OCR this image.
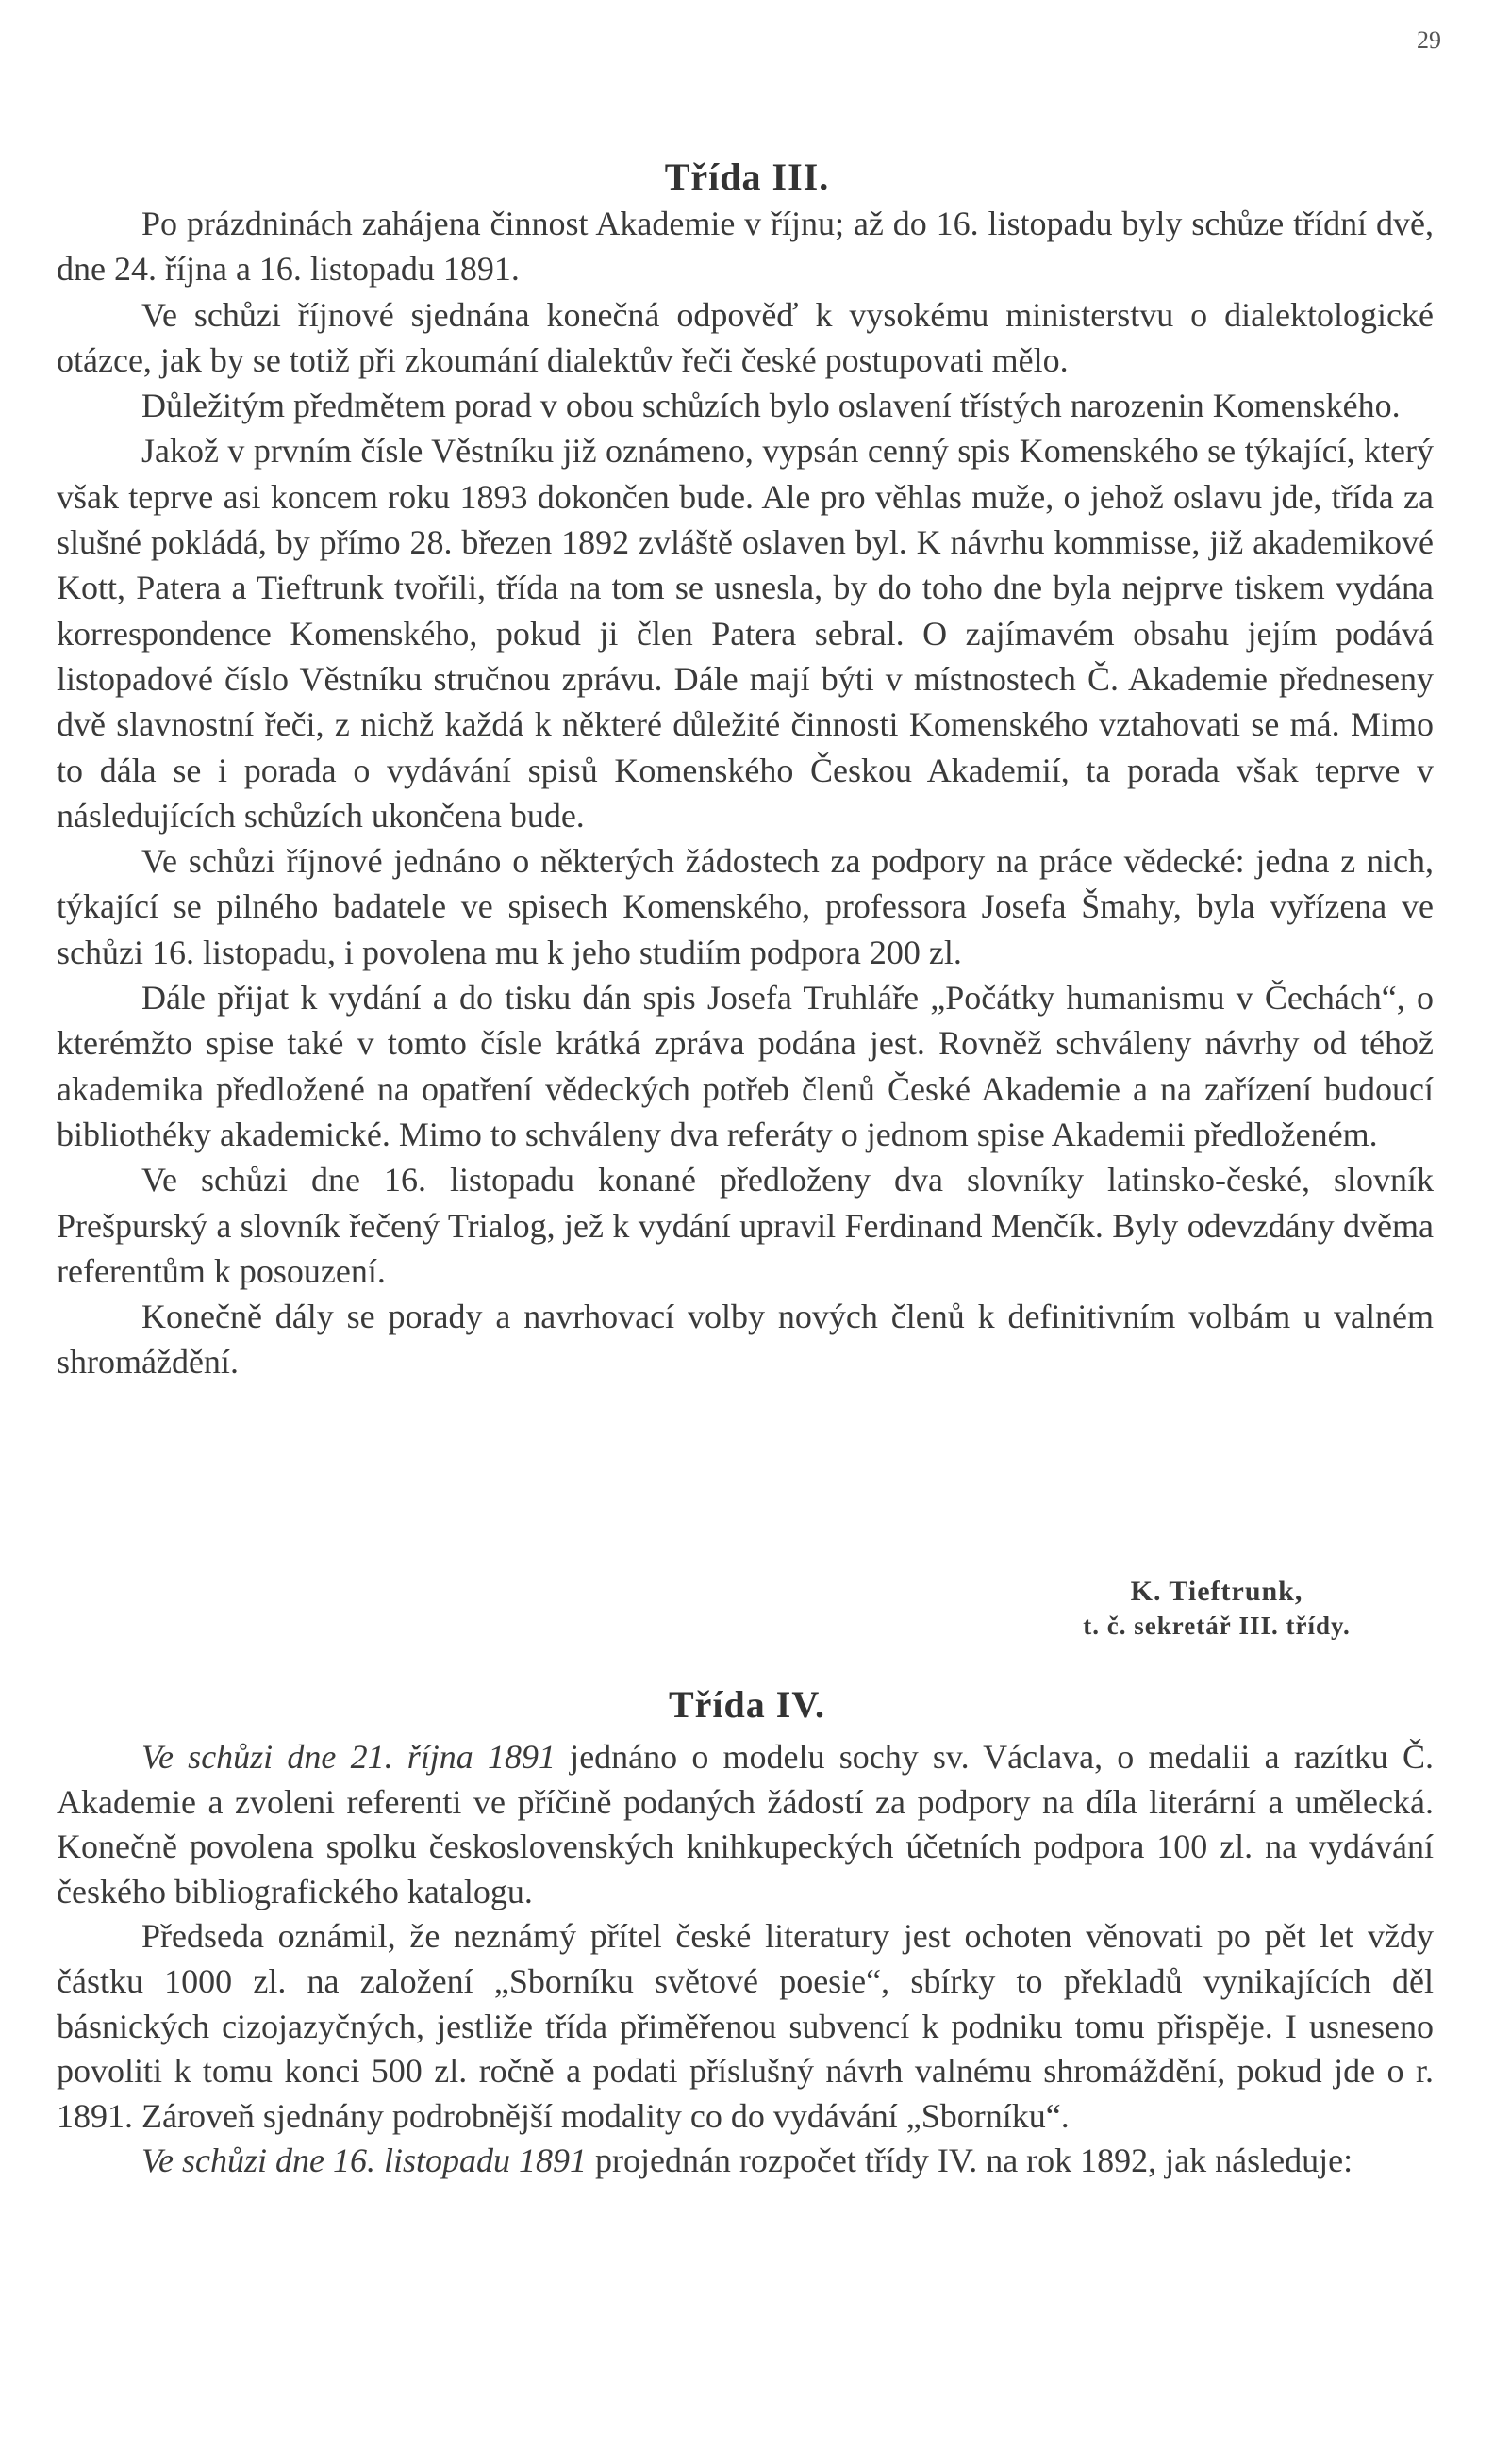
29
Třída III.

Po prázdninách zahájena činnost Akademie v říjnu; až do 16. listopadu byly schůze třídní dvě, dne 24. října a 16. listopadu 1891.

Ve schůzi říjnové sjednána konečná odpověď k vysokému ministerstvu o dialektologické otázce, jak by se totiž při zkoumání dialektův řeči české postupovati mělo.

Důležitým předmětem porad v obou schůzích bylo oslavení třístých narozenin Komenského.

Jakož v prvním čísle Věstníku již oznámeno, vypsán cenný spis Komenského se týkající, který však teprve asi koncem roku 1893 dokončen bude. Ale pro věhlas muže, o jehož oslavu jde, třída za slušné pokládá, by přímo 28. březen 1892 zvláště oslaven byl. K návrhu kommisse, již akademikové Kott, Patera a Tieftrunk tvořili, třída na tom se usnesla, by do toho dne byla nejprve tiskem vydána korrespondence Komenského, pokud ji člen Patera sebral. O zajímavém obsahu jejím podává listopadové číslo Věstníku stručnou zprávu. Dále mají býti v místnostech Č. Akademie předneseny dvě slavnostní řeči, z nichž každá k některé důležité činnosti Komenského vztahovati se má. Mimo to dála se i porada o vydávání spisů Komenského Českou Akademií, ta porada však teprve v následujících schůzích ukončena bude.

Ve schůzi říjnové jednáno o některých žádostech za podpory na práce vědecké: jedna z nich, týkající se pilného badatele ve spisech Komenského, professora Josefa Šmahy, byla vyřízena ve schůzi 16. listopadu, i povolena mu k jeho studiím podpora 200 zl.

Dále přijat k vydání a do tisku dán spis Josefa Truhláře „Počátky humanismu v Čechách“, o kterémžto spise také v tomto čísle krátká zpráva podána jest. Rovněž schváleny návrhy od téhož akademika předložené na opatření vědeckých potřeb členů České Akademie a na zařízení budoucí bibliothéky akademické. Mimo to schváleny dva referáty o jednom spise Akademii předloženém.

Ve schůzi dne 16. listopadu konané předloženy dva slovníky latinsko-české, slovník Prešpurský a slovník řečený Trialog, jež k vydání upravil Ferdinand Menčík. Byly odevzdány dvěma referentům k posouzení.

Konečně dály se porady a navrhovací volby nových členů k definitivním volbám u valném shromáždění.

K. Tieftrunk,
t. č. sekretář III. třídy.
Třída IV.

Ve schůzi dne 21. října 1891 jednáno o modelu sochy sv. Václava, o medalii a razítku Č. Akademie a zvoleni referenti ve příčině podaných žádostí za podpory na díla literární a umělecká. Konečně povolena spolku československých knihkupeckých účetních podpora 100 zl. na vydávání českého bibliografického katalogu.

Předseda oznámil, že neznámý přítel české literatury jest ochoten věnovati po pět let vždy částku 1000 zl. na založení „Sborníku světové poesie“, sbírky to překladů vynikajících děl básnických cizojazyčných, jestliže třída přiměřenou subvencí k podniku tomu přispěje. I usneseno povoliti k tomu konci 500 zl. ročně a podati příslušný návrh valnému shromáždění, pokud jde o r. 1891. Zároveň sjednány podrobnější modality co do vydávání „Sborníku“.

Ve schůzi dne 16. listopadu 1891 projednán rozpočet třídy IV. na rok 1892, jak následuje:
